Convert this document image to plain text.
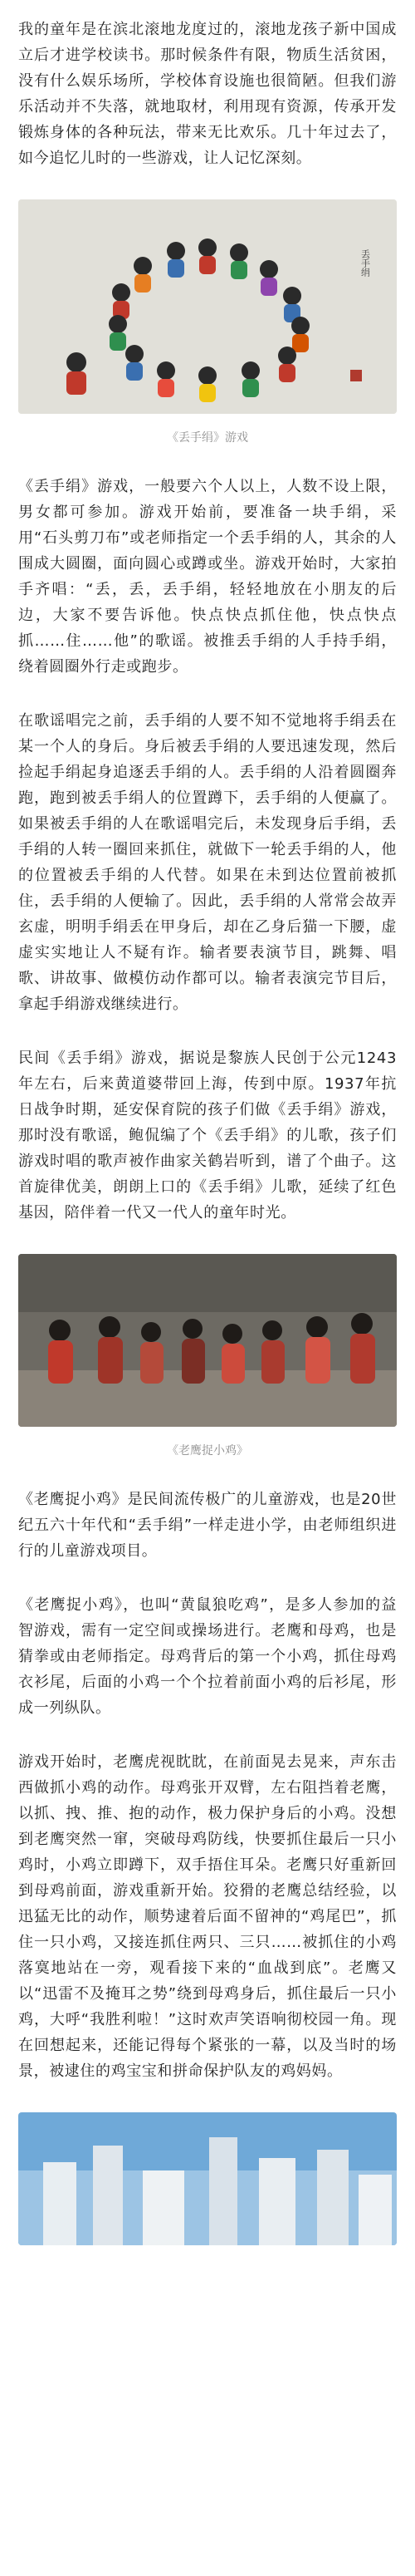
我的童年是在滨北滚地龙度过的，滚地龙孩子新中国成立后才进学校读书。那时候条件有限，物质生活贫困，没有什么娱乐场所，学校体育设施也很简陋。但我们游乐活动并不失落，就地取材，利用现有资源，传承开发锻炼身体的各种玩法，带来无比欢乐。几十年过去了，如今追忆儿时的一些游戏，让人记忆深刻。

丢手绢
《丢手绢》游戏

《丢手绢》游戏，一般要六个人以上，人数不设上限，男女都可参加。游戏开始前，要准备一块手绢，采用“石头剪刀布”或老师指定一个丢手绢的人，其余的人围成大圆圈，面向圆心或蹲或坐。游戏开始时，大家拍手齐唱：“丢，丢，丢手绢，轻轻地放在小朋友的后边，大家不要告诉他。快点快点抓住他，快点快点抓……住……他”的歌谣。被推丢手绢的人手持手绢，绕着圆圈外行走或跑步。

在歌谣唱完之前，丢手绢的人要不知不觉地将手绢丢在某一个人的身后。身后被丢手绢的人要迅速发现，然后捡起手绢起身追逐丢手绢的人。丢手绢的人沿着圆圈奔跑，跑到被丢手绢人的位置蹲下，丢手绢的人便赢了。如果被丢手绢的人在歌谣唱完后，未发现身后手绢，丢手绢的人转一圈回来抓住，就做下一轮丢手绢的人，他的位置被丢手绢的人代替。如果在未到达位置前被抓住，丢手绢的人便输了。因此，丢手绢的人常常会故弄玄虚，明明手绢丢在甲身后，却在乙身后猫一下腰，虚虚实实地让人不疑有诈。输者要表演节目，跳舞、唱歌、讲故事、做模仿动作都可以。输者表演完节目后，拿起手绢游戏继续进行。

民间《丢手绢》游戏，据说是黎族人民创于公元1243年左右，后来黄道婆带回上海，传到中原。1937年抗日战争时期，延安保育院的孩子们做《丢手绢》游戏，那时没有歌谣，鲍侃编了个《丢手绢》的儿歌，孩子们游戏时唱的歌声被作曲家关鹤岩听到，谱了个曲子。这首旋律优美，朗朗上口的《丢手绢》儿歌，延续了红色基因，陪伴着一代又一代人的童年时光。

《老鹰捉小鸡》

《老鹰捉小鸡》是民间流传极广的儿童游戏，也是20世纪五六十年代和“丢手绢”一样走进小学，由老师组织进行的儿童游戏项目。

《老鹰捉小鸡》，也叫“黄鼠狼吃鸡”，是多人参加的益智游戏，需有一定空间或操场进行。老鹰和母鸡，也是猜拳或由老师指定。母鸡背后的第一个小鸡，抓住母鸡衣衫尾，后面的小鸡一个个拉着前面小鸡的后衫尾，形成一列纵队。

游戏开始时，老鹰虎视眈眈，在前面晃去晃来，声东击西做抓小鸡的动作。母鸡张开双臂，左右阻挡着老鹰，以抓、拽、推、抱的动作，极力保护身后的小鸡。没想到老鹰突然一窜，突破母鸡防线，快要抓住最后一只小鸡时，小鸡立即蹲下，双手捂住耳朵。老鹰只好重新回到母鸡前面，游戏重新开始。狡猾的老鹰总结经验，以迅猛无比的动作，顺势逮着后面不留神的“鸡尾巴”，抓住一只小鸡，又接连抓住两只、三只……被抓住的小鸡落寞地站在一旁，观看接下来的“血战到底”。老鹰又以“迅雷不及掩耳之势”绕到母鸡身后，抓住最后一只小鸡，大呼“我胜利啦！”这时欢声笑语响彻校园一角。现在回想起来，还能记得每个紧张的一幕，以及当时的场景，被逮住的鸡宝宝和拼命保护队友的鸡妈妈。
